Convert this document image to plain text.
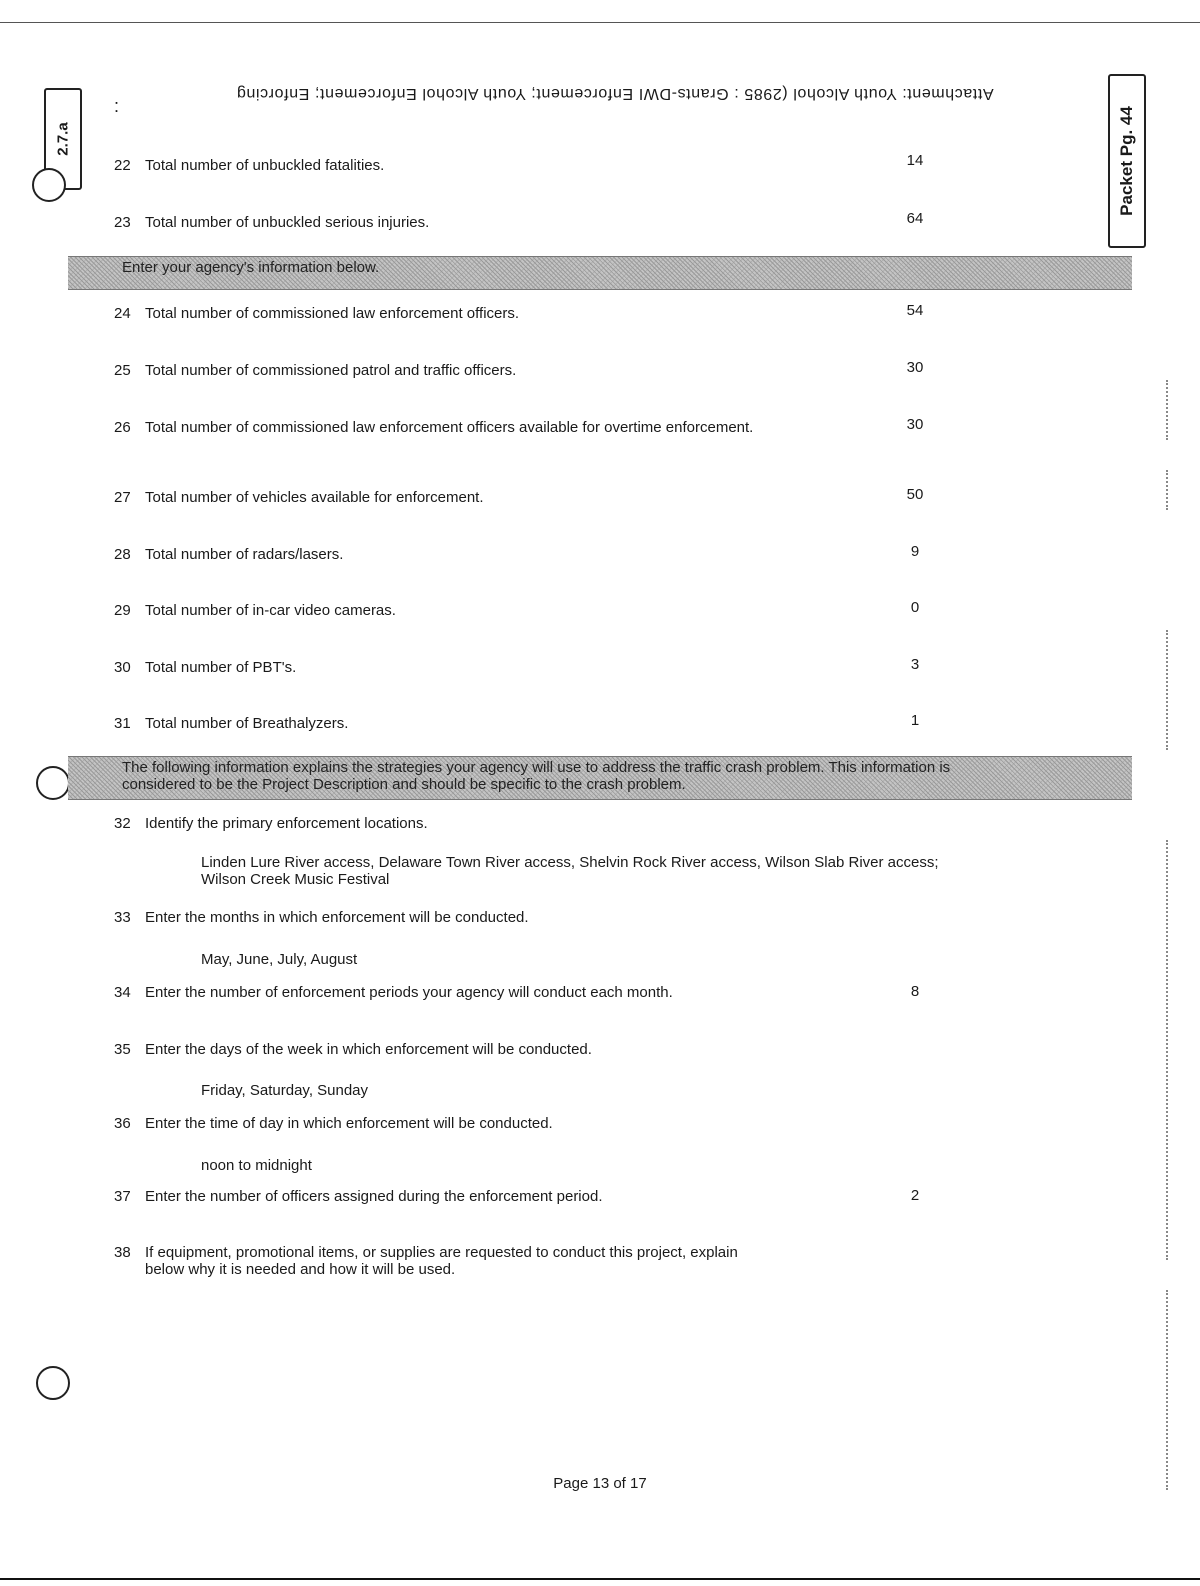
Attachment: Youth Alcohol (2985 : Grants-DWI Enforcement; Youth Alcohol Enforcement; Enforcing
:
2.7.a	Packet Pg. 44
22 Total number of unbuckled fatalities.	14
23 Total number of unbuckled serious injuries.	64
Enter your agency's information below.
24 Total number of commissioned law enforcement officers.	54
25 Total number of commissioned patrol and traffic officers.	30
26 Total number of commissioned law enforcement officers available for overtime enforcement.	30
27 Total number of vehicles available for enforcement.	50
28 Total number of radars/lasers.	9
29 Total number of in-car video cameras.	0
30 Total number of PBT's.	3
31 Total number of Breathalyzers.	1
The following information explains the strategies your agency will use to address the traffic crash problem. This information is considered to be the Project Description and should be specific to the crash problem.
32 Identify the primary enforcement locations.
Linden Lure River access, Delaware Town River access, Shelvin Rock River access, Wilson Slab River access; Wilson Creek Music Festival
33 Enter the months in which enforcement will be conducted.
May, June, July, August
34 Enter the number of enforcement periods your agency will conduct each month.	8
35 Enter the days of the week in which enforcement will be conducted.
Friday, Saturday, Sunday
36 Enter the time of day in which enforcement will be conducted.
noon to midnight
37 Enter the number of officers assigned during the enforcement period.	2
38 If equipment, promotional items, or supplies are requested to conduct this project, explain below why it is needed and how it will be used.
Page 13 of 17
